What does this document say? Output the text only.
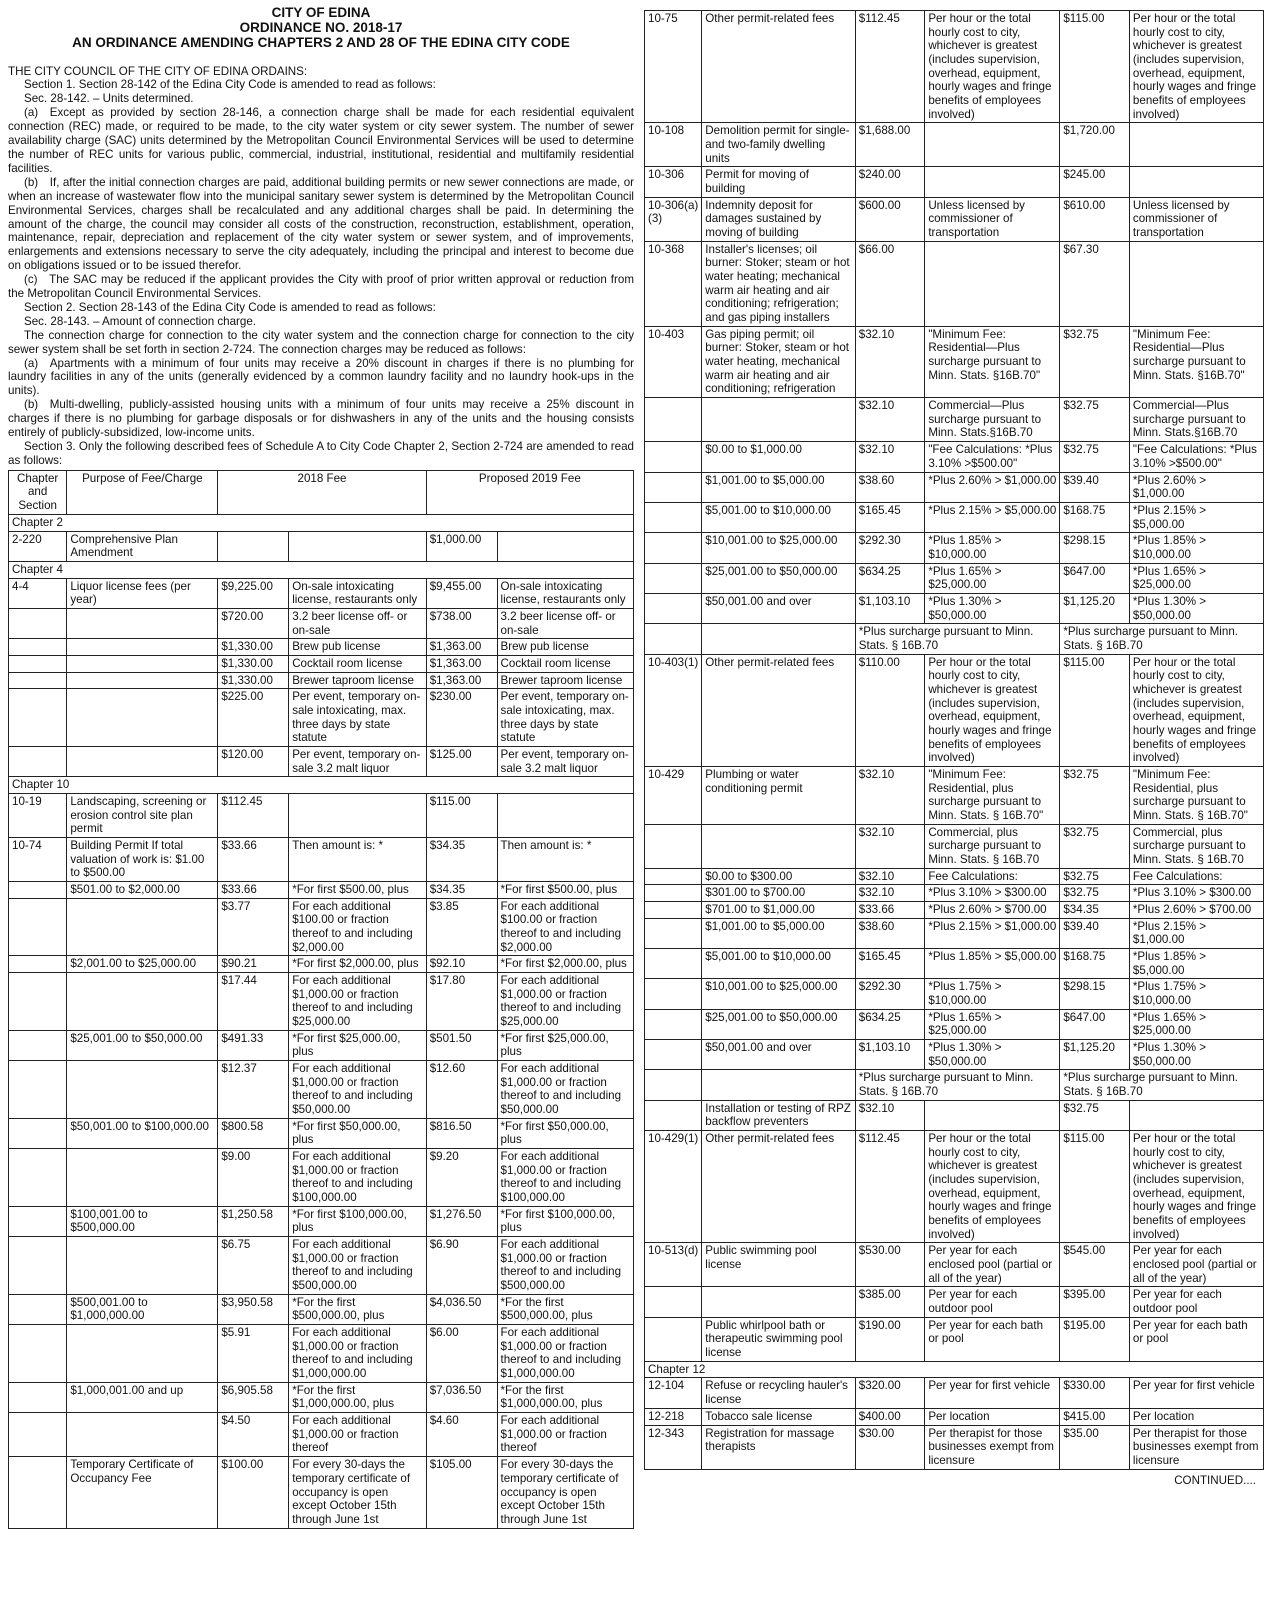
CITY OF EDINA
ORDINANCE NO. 2018-17
AN ORDINANCE AMENDING CHAPTERS 2 AND 28 OF THE EDINA CITY CODE

THE CITY COUNCIL OF THE CITY OF EDINA ORDAINS:

Section 1. Section 28-142 of the Edina City Code is amended to read as follows:

Sec. 28-142. – Units determined.

(a) Except as provided by section 28-146, a connection charge shall be made for each residential equivalent connection (REC) made, or required to be made, to the city water system or city sewer system. The number of sewer availability charge (SAC) units determined by the Metropolitan Council Environmental Services will be used to determine the number of REC units for various public, commercial, industrial, institutional, residential and multifamily residential facilities.

(b) If, after the initial connection charges are paid, additional building permits or new sewer connections are made, or when an increase of wastewater flow into the municipal sanitary sewer system is determined by the Metropolitan Council Environmental Services, charges shall be recalculated and any additional charges shall be paid. In determining the amount of the charge, the council may consider all costs of the construction, reconstruction, establishment, operation, maintenance, repair, depreciation and replacement of the city water system or sewer system, and of improvements, enlargements and extensions necessary to serve the city adequately, including the principal and interest to become due on obligations issued or to be issued therefor.

(c) The SAC may be reduced if the applicant provides the City with proof of prior written approval or reduction from the Metropolitan Council Environmental Services.

Section 2. Section 28-143 of the Edina City Code is amended to read as follows:

Sec. 28-143. – Amount of connection charge.

The connection charge for connection to the city water system and the connection charge for connection to the city sewer system shall be set forth in section 2-724. The connection charges may be reduced as follows:

(a) Apartments with a minimum of four units may receive a 20% discount in charges if there is no plumbing for laundry facilities in any of the units (generally evidenced by a common laundry facility and no laundry hook-ups in the units).

(b) Multi-dwelling, publicly-assisted housing units with a minimum of four units may receive a 25% discount in charges if there is no plumbing for garbage disposals or for dishwashers in any of the units and the housing consists entirely of publicly-subsidized, low-income units.

Section 3. Only the following described fees of Schedule A to City Code Chapter 2, Section 2-724 are amended to read as follows:

Chapter and Section	Purpose of Fee/Charge	2018 Fee		Proposed 2019 Fee	
Chapter 2					
2-220	Comprehensive Plan Amendment			$1,000.00	
Chapter 4					
4-4	Liquor license fees (per year)	$9,225.00	On-sale intoxicating license, restaurants only	$9,455.00	On-sale intoxicating license, restaurants only
		$720.00	3.2 beer license off- or on-sale	$738.00	3.2 beer license off- or on-sale
		$1,330.00	Brew pub license	$1,363.00	Brew pub license
		$1,330.00	Cocktail room license	$1,363.00	Cocktail room license
		$1,330.00	Brewer taproom license	$1,363.00	Brewer taproom license
		$225.00	Per event, temporary on-sale intoxicating, max. three days by state statute	$230.00	Per event, temporary on-sale intoxicating, max. three days by state statute
		$120.00	Per event, temporary on-sale 3.2 malt liquor	$125.00	Per event, temporary on-sale 3.2 malt liquor
Chapter 10					
10-19	Landscaping, screening or erosion control site plan permit	$112.45		$115.00	
10-74	Building Permit If total valuation of work is: $1.00 to $500.00	$33.66	Then amount is: *	$34.35	Then amount is: *
	$501.00 to $2,000.00	$33.66	*For first $500.00, plus	$34.35	*For first $500.00, plus
		$3.77	For each additional $100.00 or fraction thereof to and including $2,000.00	$3.85	For each additional $100.00 or fraction thereof to and including $2,000.00
	$2,001.00 to $25,000.00	$90.21	*For first $2,000.00, plus	$92.10	*For first $2,000.00, plus
		$17.44	For each additional $1,000.00 or fraction thereof to and including $25,000.00	$17.80	For each additional $1,000.00 or fraction thereof to and including $25,000.00
	$25,001.00 to $50,000.00	$491.33	*For first $25,000.00, plus	$501.50	*For first $25,000.00, plus
		$12.37	For each additional $1,000.00 or fraction thereof to and including $50,000.00	$12.60	For each additional $1,000.00 or fraction thereof to and including $50,000.00
	$50,001.00 to $100,000.00	$800.58	*For first $50,000.00, plus	$816.50	*For first $50,000.00, plus
		$9.00	For each additional $1,000.00 or fraction thereof to and including $100,000.00	$9.20	For each additional $1,000.00 or fraction thereof to and including $100,000.00
	$100,001.00 to $500,000.00	$1,250.58	*For first $100,000.00, plus	$1,276.50	*For first $100,000.00, plus
		$6.75	For each additional $1,000.00 or fraction thereof to and including $500,000.00	$6.90	For each additional $1,000.00 or fraction thereof to and including $500,000.00
	$500,001.00 to $1,000,000.00	$3,950.58	*For the first $500,000.00, plus	$4,036.50	*For the first $500,000.00, plus
		$5.91	For each additional $1,000.00 or fraction thereof to and including $1,000,000.00	$6.00	For each additional $1,000.00 or fraction thereof to and including $1,000,000.00
	$1,000,001.00 and up	$6,905.58	*For the first $1,000,000.00, plus	$7,036.50	*For the first $1,000,000.00, plus
		$4.50	For each additional $1,000.00 or fraction thereof	$4.60	For each additional $1,000.00 or fraction thereof
	Temporary Certificate of Occupancy Fee	$100.00	For every 30-days the temporary certificate of occupancy is open except October 15th through June 1st	$105.00	For every 30-days the temporary certificate of occupancy is open except October 15th through June 1st
10-75	Other permit-related fees	$112.45	Per hour or the total hourly cost to city, whichever is greatest (includes supervision, overhead, equipment, hourly wages and fringe benefits of employees involved)	$115.00	Per hour or the total hourly cost to city, whichever is greatest (includes supervision, overhead, equipment, hourly wages and fringe benefits of employees involved)
10-108	Demolition permit for single- and two-family dwelling units	$1,688.00		$1,720.00	
10-306	Permit for moving of building	$240.00		$245.00	
10-306(a)(3)	Indemnity deposit for damages sustained by moving of building	$600.00	Unless licensed by commissioner of transportation	$610.00	Unless licensed by commissioner of transportation
10-368	Installer's licenses; oil burner: Stoker; steam or hot water heating; mechanical warm air heating and air conditioning; refrigeration; and gas piping installers	$66.00		$67.30	
10-403	Gas piping permit; oil burner: Stoker, steam or hot water heating, mechanical warm air heating and air conditioning; refrigeration	$32.10	"Minimum Fee: Residential—Plus surcharge pursuant to Minn. Stats. §16B.70"	$32.75	"Minimum Fee: Residential—Plus surcharge pursuant to Minn. Stats. §16B.70"
		$32.10	Commercial—Plus surcharge pursuant to Minn. Stats.§16B.70	$32.75	Commercial—Plus surcharge pursuant to Minn. Stats.§16B.70
	$0.00 to $1,000.00	$32.10	"Fee Calculations: *Plus 3.10% >$500.00"	$32.75	"Fee Calculations: *Plus 3.10% >$500.00"
	$1,001.00 to $5,000.00	$38.60	*Plus 2.60% > $1,000.00	$39.40	*Plus 2.60% > $1,000.00
	$5,001.00 to $10,000.00	$165.45	*Plus 2.15% > $5,000.00	$168.75	*Plus 2.15% > $5,000.00
	$10,001.00 to $25,000.00	$292.30	*Plus 1.85% > $10,000.00	$298.15	*Plus 1.85% > $10,000.00
	$25,001.00 to $50,000.00	$634.25	*Plus 1.65% > $25,000.00	$647.00	*Plus 1.65% > $25,000.00
	$50,001.00 and over	$1,103.10	*Plus 1.30% > $50,000.00	$1,125.20	*Plus 1.30% > $50,000.00
		*Plus surcharge pursuant to Minn. Stats. § 16B.70		*Plus surcharge pursuant to Minn. Stats. § 16B.70	
10-403(1)	Other permit-related fees	$110.00	Per hour or the total hourly cost to city, whichever is greatest (includes supervision, overhead, equipment, hourly wages and fringe benefits of employees involved)	$115.00	Per hour or the total hourly cost to city, whichever is greatest (includes supervision, overhead, equipment, hourly wages and fringe benefits of employees involved)
10-429	Plumbing or water conditioning permit	$32.10	"Minimum Fee: Residential, plus surcharge pursuant to Minn. Stats. § 16B.70"	$32.75	"Minimum Fee: Residential, plus surcharge pursuant to Minn. Stats. § 16B.70"
		$32.10	Commercial, plus surcharge pursuant to Minn. Stats. § 16B.70	$32.75	Commercial, plus surcharge pursuant to Minn. Stats. § 16B.70
	$0.00 to $300.00	$32.10	Fee Calculations:	$32.75	Fee Calculations:
	$301.00 to $700.00	$32.10	*Plus 3.10% > $300.00	$32.75	*Plus 3.10% > $300.00
	$701.00 to $1,000.00	$33.66	*Plus 2.60% > $700.00	$34.35	*Plus 2.60% > $700.00
	$1,001.00 to $5,000.00	$38.60	*Plus 2.15% > $1,000.00	$39.40	*Plus 2.15% > $1,000.00
	$5,001.00 to $10,000.00	$165.45	*Plus 1.85% > $5,000.00	$168.75	*Plus 1.85% > $5,000.00
	$10,001.00 to $25,000.00	$292.30	*Plus 1.75% > $10,000.00	$298.15	*Plus 1.75% > $10,000.00
	$25,001.00 to $50,000.00	$634.25	*Plus 1.65% > $25,000.00	$647.00	*Plus 1.65% > $25,000.00
	$50,001.00 and over	$1,103.10	*Plus 1.30% > $50,000.00	$1,125.20	*Plus 1.30% > $50,000.00
		*Plus surcharge pursuant to Minn. Stats. § 16B.70		*Plus surcharge pursuant to Minn. Stats. § 16B.70	
	Installation or testing of RPZ backflow preventers	$32.10		$32.75	
10-429(1)	Other permit-related fees	$112.45	Per hour or the total hourly cost to city, whichever is greatest (includes supervision, overhead, equipment, hourly wages and fringe benefits of employees involved)	$115.00	Per hour or the total hourly cost to city, whichever is greatest (includes supervision, overhead, equipment, hourly wages and fringe benefits of employees involved)
10-513(d)	Public swimming pool license	$530.00	Per year for each enclosed pool (partial or all of the year)	$545.00	Per year for each enclosed pool (partial or all of the year)
		$385.00	Per year for each outdoor pool	$395.00	Per year for each outdoor pool
	Public whirlpool bath or therapeutic swimming pool license	$190.00	Per year for each bath or pool	$195.00	Per year for each bath or pool
Chapter 12					
12-104	Refuse or recycling hauler's license	$320.00	Per year for first vehicle	$330.00	Per year for first vehicle
12-218	Tobacco sale license	$400.00	Per location	$415.00	Per location
12-343	Registration for massage therapists	$30.00	Per therapist for those businesses exempt from licensure	$35.00	Per therapist for those businesses exempt from licensure
CONTINUED....
